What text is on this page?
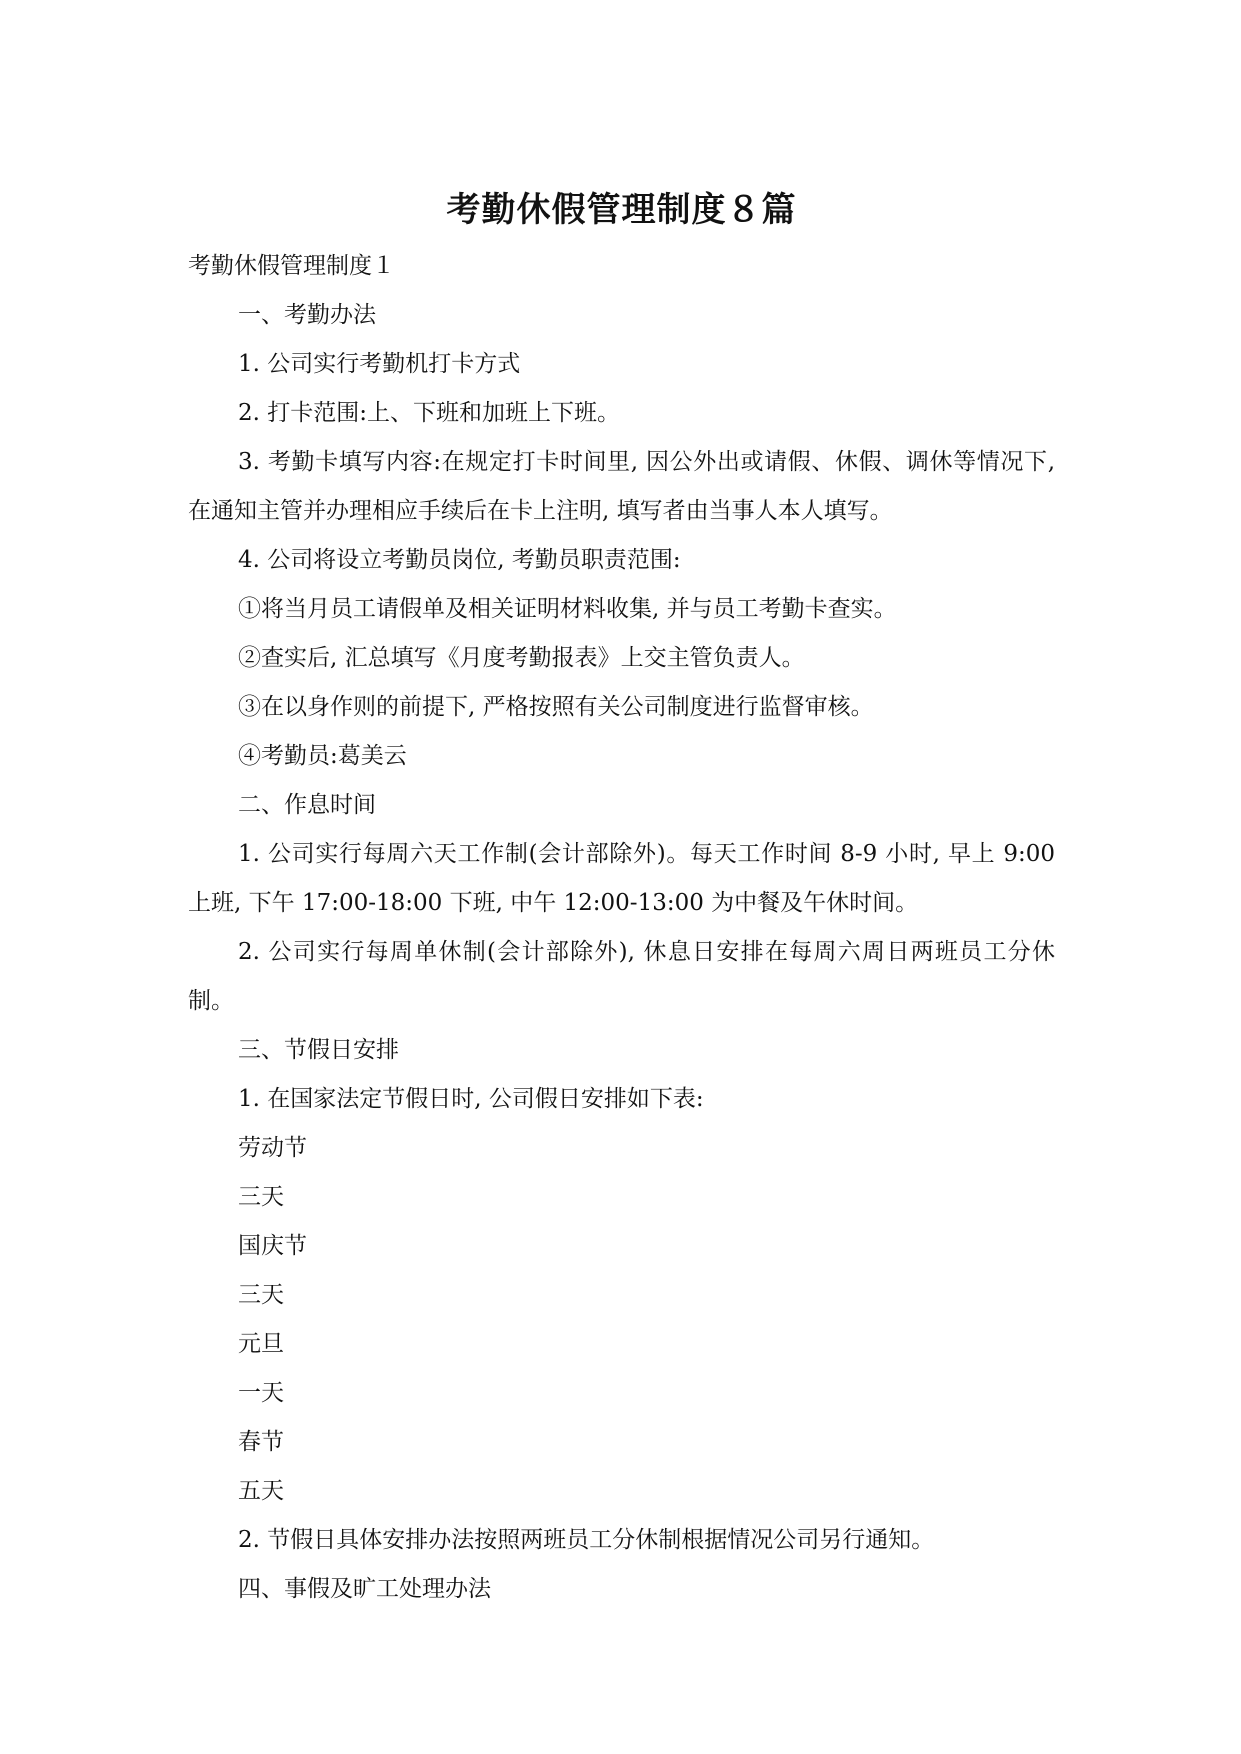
考勤休假管理制度８篇

考勤休假管理制度１

一、考勤办法

1. 公司实行考勤机打卡方式

2. 打卡范围:上、下班和加班上下班。

3. 考勤卡填写内容:在规定打卡时间里, 因公外出或请假、休假、调休等情况下, 在通知主管并办理相应手续后在卡上注明, 填写者由当事人本人填写。

4. 公司将设立考勤员岗位, 考勤员职责范围:

①将当月员工请假单及相关证明材料收集, 并与员工考勤卡查实。

②查实后, 汇总填写《月度考勤报表》上交主管负责人。

③在以身作则的前提下, 严格按照有关公司制度进行监督审核。

④考勤员:葛美云

二、作息时间

1. 公司实行每周六天工作制(会计部除外)。每天工作时间 8-9 小时, 早上 9:00 上班, 下午 17:00-18:00 下班, 中午 12:00-13:00 为中餐及午休时间。

2. 公司实行每周单休制(会计部除外), 休息日安排在每周六周日两班员工分休制。

三、节假日安排

1. 在国家法定节假日时, 公司假日安排如下表:

劳动节

三天

国庆节

三天

元旦

一天

春节

五天

2. 节假日具体安排办法按照两班员工分休制根据情况公司另行通知。

四、事假及旷工处理办法
